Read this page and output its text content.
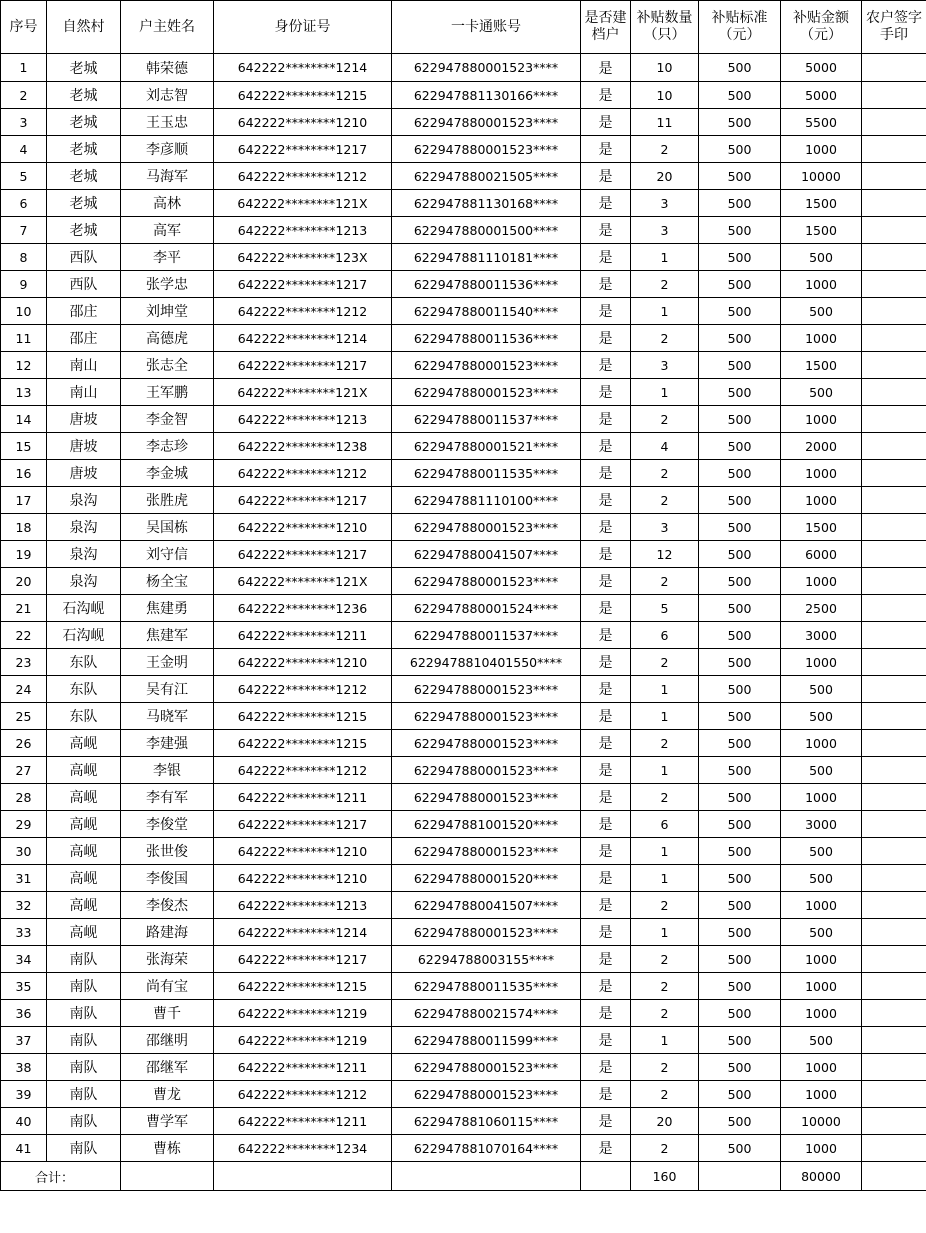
序号	自然村	户主姓名	身份证号	一卡通账号	是否建档户	补贴数量（只）	补贴标准（元）	补贴金额（元）	农户签字手印
1	老城	韩荣德	642222********1214	622947880001523****	是	10	500	5000	
2	老城	刘志智	642222********1215	622947881130166****	是	10	500	5000	
3	老城	王玉忠	642222********1210	622947880001523****	是	11	500	5500	
4	老城	李彦顺	642222********1217	622947880001523****	是	2	500	1000	
5	老城	马海军	642222********1212	622947880021505****	是	20	500	10000	
6	老城	高林	642222********121X	622947881130168****	是	3	500	1500	
7	老城	高军	642222********1213	622947880001500****	是	3	500	1500	
8	西队	李平	642222********123X	622947881110181****	是	1	500	500	
9	西队	张学忠	642222********1217	622947880011536****	是	2	500	1000	
10	邵庄	刘坤堂	642222********1212	622947880011540****	是	1	500	500	
11	邵庄	高德虎	642222********1214	622947880011536****	是	2	500	1000	
12	南山	张志全	642222********1217	622947880001523****	是	3	500	1500	
13	南山	王军鹏	642222********121X	622947880001523****	是	1	500	500	
14	唐坡	李金智	642222********1213	622947880011537****	是	2	500	1000	
15	唐坡	李志珍	642222********1238	622947880001521****	是	4	500	2000	
16	唐坡	李金城	642222********1212	622947880011535****	是	2	500	1000	
17	泉沟	张胜虎	642222********1217	622947881110100****	是	2	500	1000	
18	泉沟	吴国栋	642222********1210	622947880001523****	是	3	500	1500	
19	泉沟	刘守信	642222********1217	622947880041507****	是	12	500	6000	
20	泉沟	杨全宝	642222********121X	622947880001523****	是	2	500	1000	
21	石沟岘	焦建勇	642222********1236	622947880001524****	是	5	500	2500	
22	石沟岘	焦建军	642222********1211	622947880011537****	是	6	500	3000	
23	东队	王金明	642222********1210	6229478810401550****	是	2	500	1000	
24	东队	吴有江	642222********1212	622947880001523****	是	1	500	500	
25	东队	马晓军	642222********1215	622947880001523****	是	1	500	500	
26	高岘	李建强	642222********1215	622947880001523****	是	2	500	1000	
27	高岘	李银	642222********1212	622947880001523****	是	1	500	500	
28	高岘	李有军	642222********1211	622947880001523****	是	2	500	1000	
29	高岘	李俊堂	642222********1217	622947881001520****	是	6	500	3000	
30	高岘	张世俊	642222********1210	622947880001523****	是	1	500	500	
31	高岘	李俊国	642222********1210	622947880001520****	是	1	500	500	
32	高岘	李俊杰	642222********1213	622947880041507****	是	2	500	1000	
33	高岘	路建海	642222********1214	622947880001523****	是	1	500	500	
34	南队	张海荣	642222********1217	62294788003155****	是	2	500	1000	
35	南队	尚有宝	642222********1215	622947880011535****	是	2	500	1000	
36	南队	曹千	642222********1219	622947880021574****	是	2	500	1000	
37	南队	邵继明	642222********1219	622947880011599****	是	1	500	500	
38	南队	邵继军	642222********1211	622947880001523****	是	2	500	1000	
39	南队	曹龙	642222********1212	622947880001523****	是	2	500	1000	
40	南队	曹学军	642222********1211	622947881060115****	是	20	500	10000	
41	南队	曹栋	642222********1234	622947881070164****	是	2	500	1000	
合计：						160		80000	
